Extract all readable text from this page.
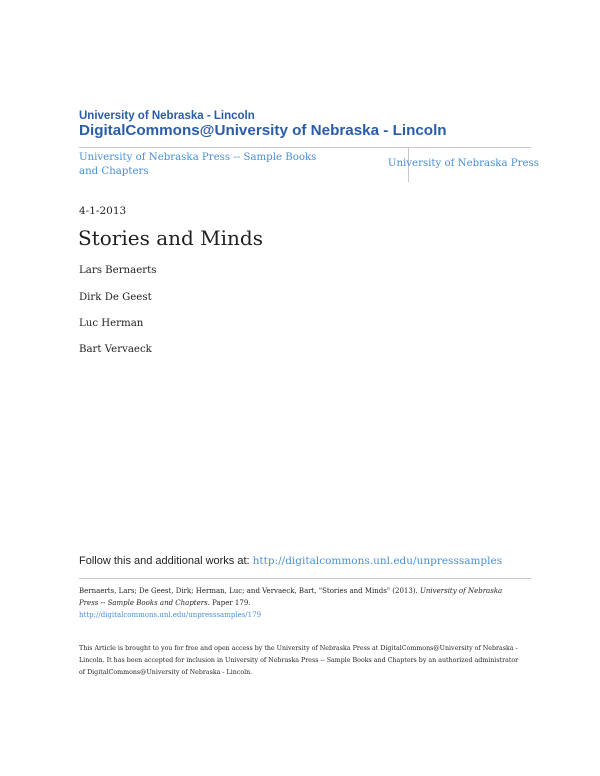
University of Nebraska - Lincoln
DigitalCommons@University of Nebraska - Lincoln
University of Nebraska Press -- Sample Books and Chapters
University of Nebraska Press
4-1-2013
Stories and Minds
Lars Bernaerts
Dirk De Geest
Luc Herman
Bart Vervaeck
Follow this and additional works at: http://digitalcommons.unl.edu/unpresssamples
Bernaerts, Lars; De Geest, Dirk; Herman, Luc; and Vervaeck, Bart, "Stories and Minds" (2013). University of Nebraska Press -- Sample Books and Chapters. Paper 179.
http://digitalcommons.unl.edu/unpresssamples/179
This Article is brought to you for free and open access by the University of Nebraska Press at DigitalCommons@University of Nebraska - Lincoln. It has been accepted for inclusion in University of Nebraska Press -- Sample Books and Chapters by an authorized administrator of DigitalCommons@University of Nebraska - Lincoln.
